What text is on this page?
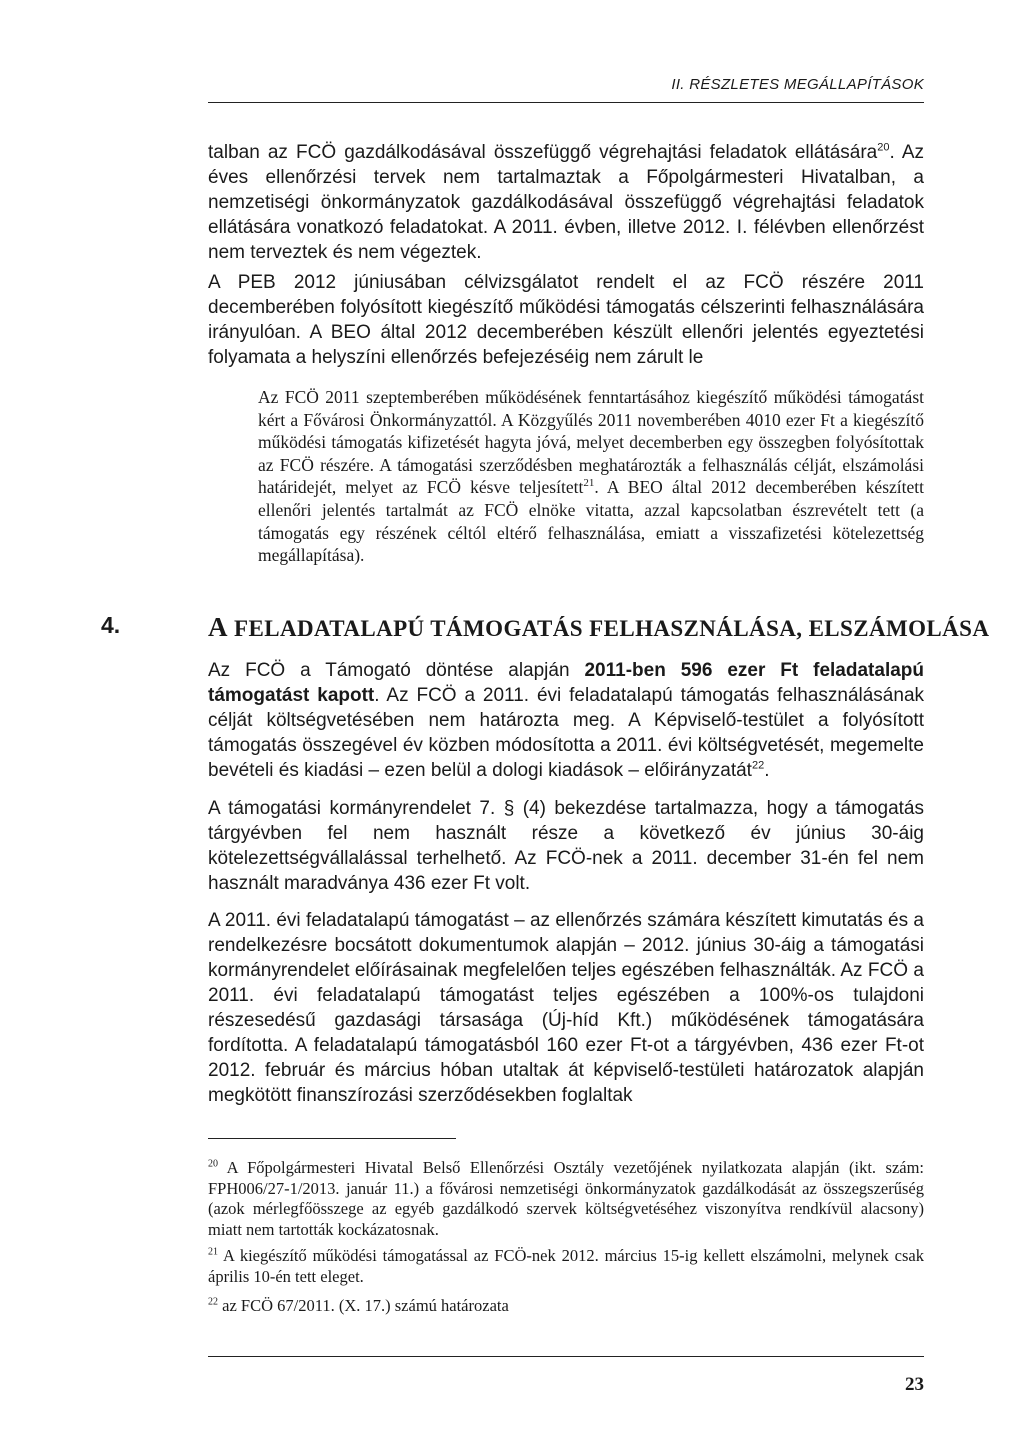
II. RÉSZLETES MEGÁLLAPÍTÁSOK
talban az FCÖ gazdálkodásával összefüggő végrehajtási feladatok ellátására$^{20}$. Az éves ellenőrzési tervek nem tartalmaztak a Főpolgármesteri Hivatalban, a nemzetiségi önkormányzatok gazdálkodásával összefüggő végrehajtási feladatok ellátására vonatkozó feladatokat. A 2011. évben, illetve 2012. I. félévben ellenőrzést nem terveztek és nem végeztek.
A PEB 2012 júniusában célvizsgálatot rendelt el az FCÖ részére 2011 decemberében folyósított kiegészítő működési támogatás célszerinti felhasználására irányulóan. A BEO által 2012 decemberében készült ellenőri jelentés egyeztetési folyamata a helyszíni ellenőrzés befejezéséig nem zárult le
Az FCÖ 2011 szeptemberében működésének fenntartásához kiegészítő működési támogatást kért a Fővárosi Önkormányzattól. A Közgyűlés 2011 novemberében 4010 ezer Ft a kiegészítő működési támogatás kifizetését hagyta jóvá, melyet decemberben egy összegben folyósítottak az FCÖ részére. A támogatási szerződésben meghatározták a felhasználás célját, elszámolási határidejét, melyet az FCÖ késve teljesített$^{21}$. A BEO által 2012 decemberében készített ellenőri jelentés tartalmát az FCÖ elnöke vitatta, azzal kapcsolatban észrevételt tett (a támogatás egy részének céltól eltérő felhasználása, emiatt a visszafizetési kötelezettség megállapítása).
4.	A FELADATALAPÚ TÁMOGATÁS FELHASZNÁLÁSA, ELSZÁMOLÁSA
Az FCÖ a Támogató döntése alapján 2011-ben 596 ezer Ft feladatalapú támogatást kapott. Az FCÖ a 2011. évi feladatalapú támogatás felhasználásának célját költségvetésében nem határozta meg. A Képviselő-testület a folyósított támogatás összegével év közben módosította a 2011. évi költségvetését, megemelte bevételi és kiadási – ezen belül a dologi kiadások – előirányzatát$^{22}$.
A támogatási kormányrendelet 7. § (4) bekezdése tartalmazza, hogy a támogatás tárgyévben fel nem használt része a következő év június 30-áig kötelezettségvállalással terhelhető. Az FCÖ-nek a 2011. december 31-én fel nem használt maradványa 436 ezer Ft volt.
A 2011. évi feladatalapú támogatást – az ellenőrzés számára készített kimutatás és a rendelkezésre bocsátott dokumentumok alapján – 2012. június 30-áig a támogatási kormányrendelet előírásainak megfelelően teljes egészében felhasználták. Az FCÖ a 2011. évi feladatalapú támogatást teljes egészében a 100%-os tulajdoni részesedésű gazdasági társasága (Új-híd Kft.) működésének támogatására fordította. A feladatalapú támogatásból 160 ezer Ft-ot a tárgyévben, 436 ezer Ft-ot 2012. február és március hóban utaltak át képviselő-testületi határozatok alapján megkötött finanszírozási szerződésekben foglaltak
$^{20}$ A Főpolgármesteri Hivatal Belső Ellenőrzési Osztály vezetőjének nyilatkozata alapján (ikt. szám: FPH006/27-1/2013. január 11.) a fővárosi nemzetiségi önkormányzatok gazdálkodását az összegszerűség (azok mérlegfőösszege az egyéb gazdálkodó szervek költségvetéséhez viszonyítva rendkívül alacsony) miatt nem tartották kockázatosnak.
$^{21}$ A kiegészítő működési támogatással az FCÖ-nek 2012. március 15-ig kellett elszámolni, melynek csak április 10-én tett eleget.
$^{22}$ az FCÖ 67/2011. (X. 17.) számú határozata
23
